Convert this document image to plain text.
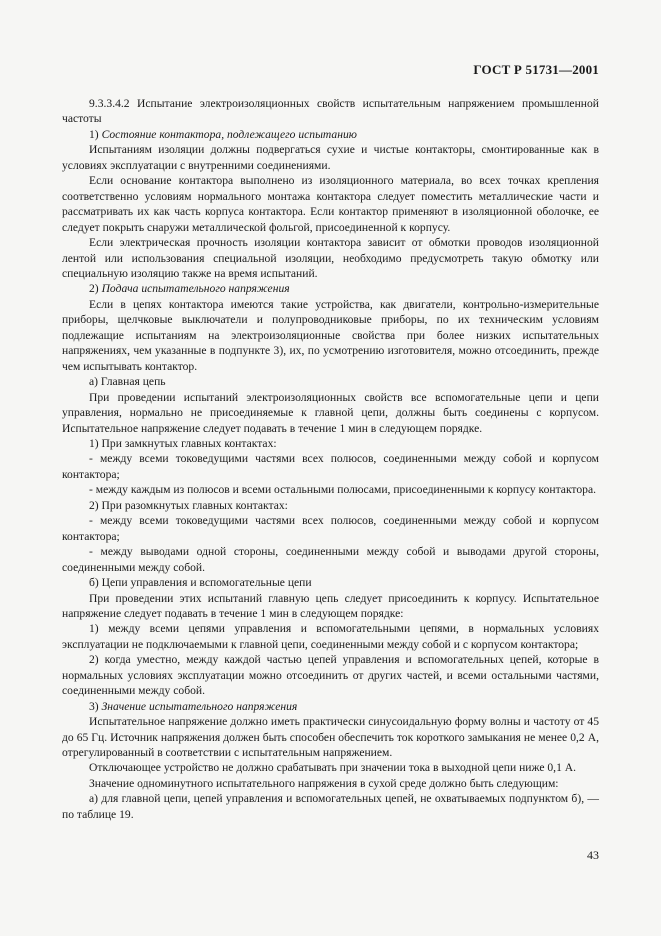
ГОСТ Р 51731—2001

9.3.3.4.2 Испытание электроизоляционных свойств испытательным напряжением промышленной частоты

1) Состояние контактора, подлежащего испытанию

Испытаниям изоляции должны подвергаться сухие и чистые контакторы, смонтированные как в условиях эксплуатации с внутренними соединениями.

Если основание контактора выполнено из изоляционного материала, во всех точках крепления соответственно условиям нормального монтажа контактора следует поместить металлические части и рассматривать их как часть корпуса контактора. Если контактор применяют в изоляционной оболочке, ее следует покрыть снаружи металлической фольгой, присоединенной к корпусу.

Если электрическая прочность изоляции контактора зависит от обмотки проводов изоляционной лентой или использования специальной изоляции, необходимо предусмотреть такую обмотку или специальную изоляцию также на время испытаний.

2) Подача испытательного напряжения

Если в цепях контактора имеются такие устройства, как двигатели, контрольно-измерительные приборы, щелчковые выключатели и полупроводниковые приборы, по их техническим условиям подлежащие испытаниям на электроизоляционные свойства при более низких испытательных напряжениях, чем указанные в подпункте 3), их, по усмотрению изготовителя, можно отсоединить, прежде чем испытывать контактор.

а) Главная цепь

При проведении испытаний электроизоляционных свойств все вспомогательные цепи и цепи управления, нормально не присоединяемые к главной цепи, должны быть соединены с корпусом. Испытательное напряжение следует подавать в течение 1 мин в следующем порядке.

1) При замкнутых главных контактах:

- между всеми токоведущими частями всех полюсов, соединенными между собой и корпусом контактора;

- между каждым из полюсов и всеми остальными полюсами, присоединенными к корпусу контактора.

2) При разомкнутых главных контактах:

- между всеми токоведущими частями всех полюсов, соединенными между собой и корпусом контактора;

- между выводами одной стороны, соединенными между собой и выводами другой стороны, соединенными между собой.

б) Цепи управления и вспомогательные цепи

При проведении этих испытаний главную цепь следует присоединить к корпусу. Испытательное напряжение следует подавать в течение 1 мин в следующем порядке:

1) между всеми цепями управления и вспомогательными цепями, в нормальных условиях эксплуатации не подключаемыми к главной цепи, соединенными между собой и с корпусом контактора;

2) когда уместно, между каждой частью цепей управления и вспомогательных цепей, которые в нормальных условиях эксплуатации можно отсоединить от других частей, и всеми остальными частями, соединенными между собой.

3) Значение испытательного напряжения

Испытательное напряжение должно иметь практически синусоидальную форму волны и частоту от 45 до 65 Гц. Источник напряжения должен быть способен обеспечить ток короткого замыкания не менее 0,2 А, отрегулированный в соответствии с испытательным напряжением.

Отключающее устройство не должно срабатывать при значении тока в выходной цепи ниже 0,1 А.

Значение одноминутного испытательного напряжения в сухой среде должно быть следующим:

а) для главной цепи, цепей управления и вспомогательных цепей, не охватываемых подпунктом б), — по таблице 19.

43
